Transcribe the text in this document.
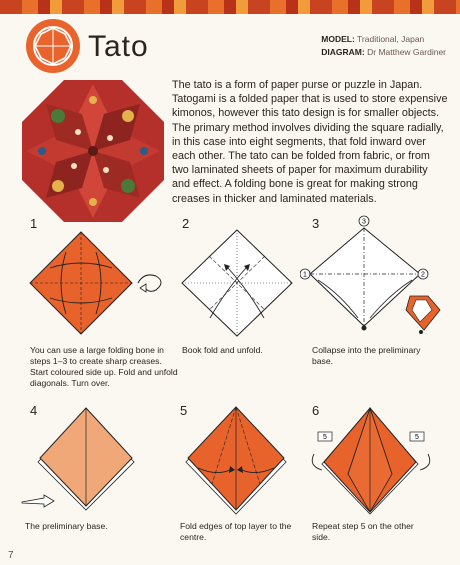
Tato	MODEL: Traditional, Japan
DIAGRAM: Dr Matthew Gardiner
The tato is a form of paper purse or puzzle in Japan. Tatogami is a folded paper that is used to store expensive kimonos, however this tato design is for smaller objects. The primary method involves dividing the square radially, in this case into eight segments, that fold inward over each other. The tato can be folded from fabric, or from two laminated sheets of paper for maximum durability and effect. A folding bone is great for making strong creases in thicker and laminated materials.
1
You can use a large folding bone in steps 1–3 to create sharp creases. Start coloured side up. Fold and unfold diagonals. Turn over.
2
Book fold and unfold.
3	3
1	2
Collapse into the preliminary base.
4
The preliminary base.
5
Fold edges of top layer to the centre.
6
5	5
Repeat step 5 on the other side.
7
